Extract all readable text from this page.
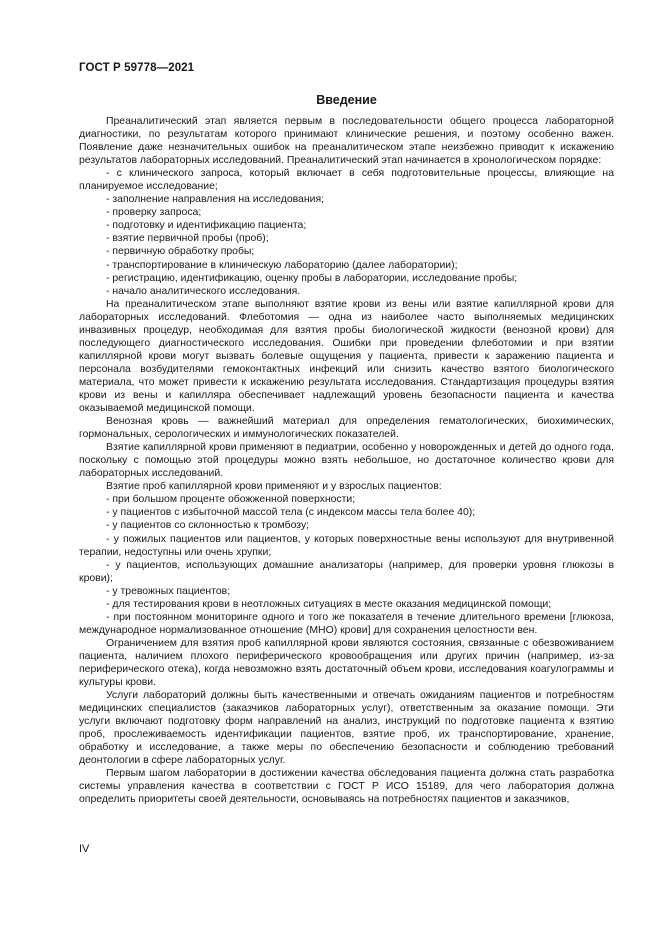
ГОСТ Р 59778—2021
Введение

Преаналитический этап является первым в последовательности общего процесса лабораторной диагностики, по результатам которого принимают клинические решения, и поэтому особенно важен. Появление даже незначительных ошибок на преаналитическом этапе неизбежно приводит к искажению результатов лабораторных исследований. Преаналитический этап начинается в хронологическом порядке:

- с клинического запроса, который включает в себя подготовительные процессы, влияющие на планируемое исследование;

- заполнение направления на исследования;

- проверку запроса;

- подготовку и идентификацию пациента;

- взятие первичной пробы (проб);

- первичную обработку пробы;

- транспортирование в клиническую лабораторию (далее лаборатории);

- регистрацию, идентификацию, оценку пробы в лаборатории, исследование пробы;

- начало аналитического исследования.

На преаналитическом этапе выполняют взятие крови из вены или взятие капиллярной крови для лабораторных исследований. Флеботомия — одна из наиболее часто выполняемых медицинских инвазивных процедур, необходимая для взятия пробы биологической жидкости (венозной крови) для последующего диагностического исследования. Ошибки при проведении флеботомии и при взятии капиллярной крови могут вызвать болевые ощущения у пациента, привести к заражению пациента и персонала возбудителями гемоконтактных инфекций или снизить качество взятого биологического материала, что может привести к искажению результата исследования. Стандартизация процедуры взятия крови из вены и капилляра обеспечивает надлежащий уровень безопасности пациента и качества оказываемой медицинской помощи.

Венозная кровь — важнейший материал для определения гематологических, биохимических, гормональных, серологических и иммунологических показателей.

Взятие капиллярной крови применяют в педиатрии, особенно у новорожденных и детей до одного года, поскольку с помощью этой процедуры можно взять небольшое, но достаточное количество крови для лабораторных исследований.

Взятие проб капиллярной крови применяют и у взрослых пациентов:

- при большом проценте обожженной поверхности;

- у пациентов с избыточной массой тела (с индексом массы тела более 40);

- у пациентов со склонностью к тромбозу;

- у пожилых пациентов или пациентов, у которых поверхностные вены используют для внутривенной терапии, недоступны или очень хрупки;

- у пациентов, использующих домашние анализаторы (например, для проверки уровня глюкозы в крови);

- у тревожных пациентов;

- для тестирования крови в неотложных ситуациях в месте оказания медицинской помощи;

- при постоянном мониторинге одного и того же показателя в течение длительного времени [глюкоза, международное нормализованное отношение (МНО) крови] для сохранения целостности вен.

Ограничением для взятия проб капиллярной крови являются состояния, связанные с обезвоживанием пациента, наличием плохого периферического кровообращения или других причин (например, из-за периферического отека), когда невозможно взять достаточный объем крови, исследования коагулограммы и культуры крови.

Услуги лабораторий должны быть качественными и отвечать ожиданиям пациентов и потребностям медицинских специалистов (заказчиков лабораторных услуг), ответственным за оказание помощи. Эти услуги включают подготовку форм направлений на анализ, инструкций по подготовке пациента к взятию проб, прослеживаемость идентификации пациентов, взятие проб, их транспортирование, хранение, обработку и исследование, а также меры по обеспечению безопасности и соблюдению требований деонтологии в сфере лабораторных услуг.

Первым шагом лаборатории в достижении качества обследования пациента должна стать разработка системы управления качества в соответствии с ГОСТ Р ИСО 15189, для чего лаборатория должна определить приоритеты своей деятельности, основываясь на потребностях пациентов и заказчиков,

IV
